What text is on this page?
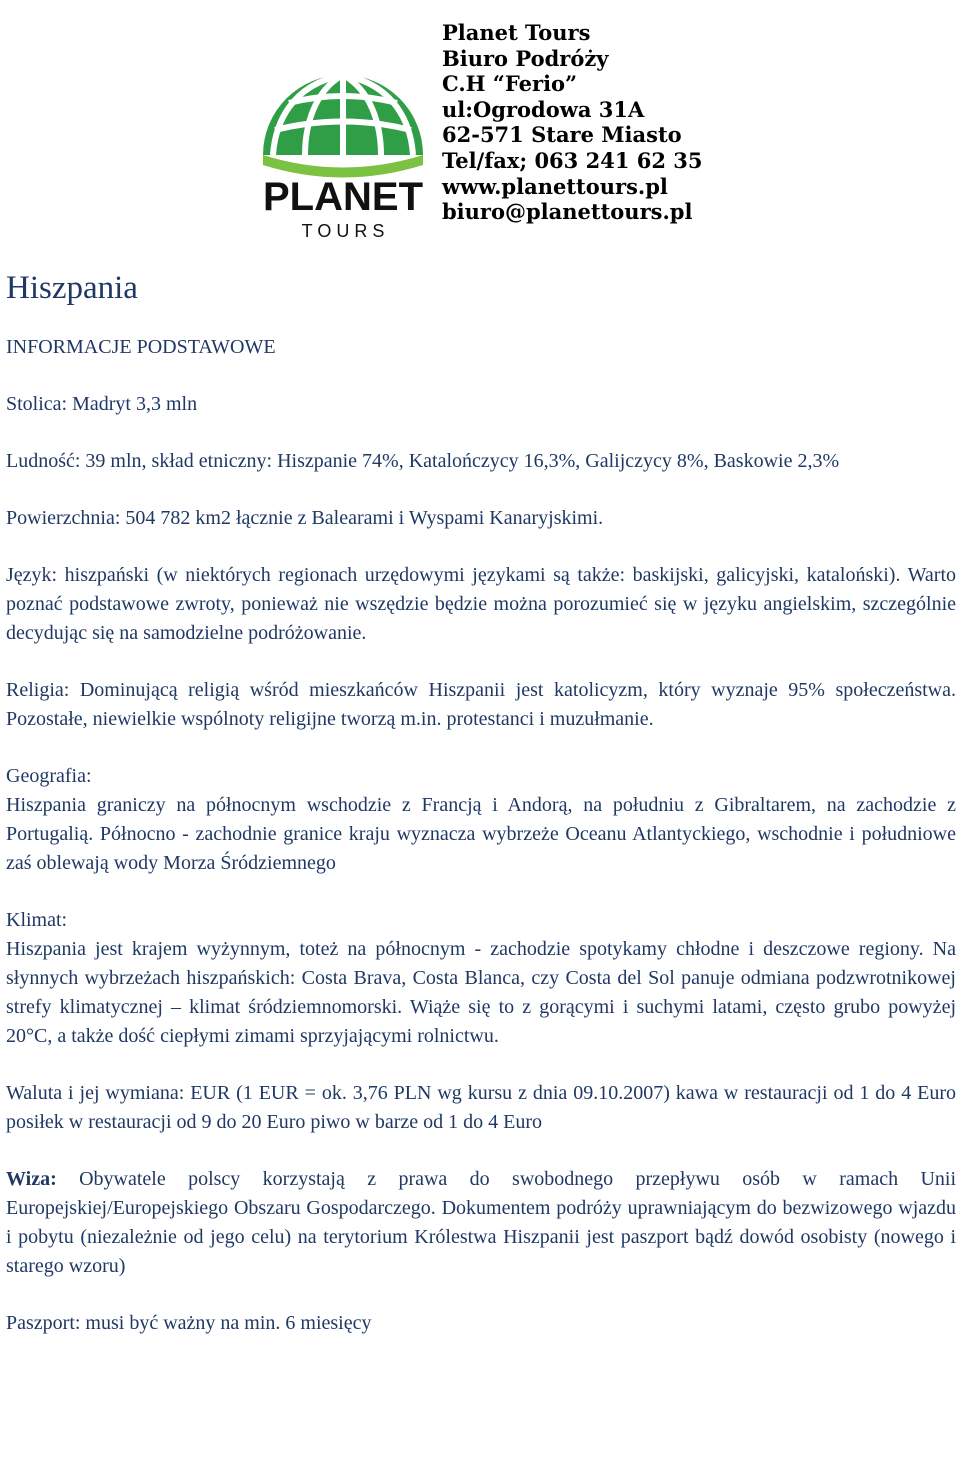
PLANET
T O U R S
Planet Tours
Biuro Podróży
C.H “Ferio”
ul:Ogrodowa 31A
62-571 Stare Miasto
Tel/fax; 063 241 62 35
www.planettours.pl
biuro@planettours.pl
Hiszpania

INFORMACJE PODSTAWOWE

Stolica: Madryt 3,3 mln

Ludność: 39 mln, skład etniczny: Hiszpanie 74%, Katalończycy 16,3%, Galijczycy 8%, Baskowie 2,3%

Powierzchnia: 504 782 km2 łącznie z Balearami i Wyspami Kanaryjskimi.

Język: hiszpański (w niektórych regionach urzędowymi językami są także: baskijski, galicyjski, kataloński). Warto poznać podstawowe zwroty, ponieważ nie wszędzie będzie można porozumieć się w języku angielskim, szczególnie decydując się na samodzielne podróżowanie.

Religia: Dominującą religią wśród mieszkańców Hiszpanii jest katolicyzm, który wyznaje 95% społeczeństwa. Pozostałe, niewielkie wspólnoty religijne tworzą m.in. protestanci i muzułmanie.

Geografia:

Hiszpania graniczy na północnym wschodzie z Francją i Andorą, na południu z Gibraltarem, na zachodzie z Portugalią. Północno - zachodnie granice kraju wyznacza wybrzeże Oceanu Atlantyckiego, wschodnie i południowe zaś oblewają wody Morza Śródziemnego

Klimat:

Hiszpania jest krajem wyżynnym, toteż na północnym - zachodzie spotykamy chłodne i deszczowe regiony. Na słynnych wybrzeżach hiszpańskich: Costa Brava, Costa Blanca, czy Costa del Sol panuje odmiana podzwrotnikowej strefy klimatycznej – klimat śródziemnomorski. Wiąże się to z gorącymi i suchymi latami, często grubo powyżej 20°C, a także dość ciepłymi zimami sprzyjającymi rolnictwu.

Waluta i jej wymiana: EUR (1 EUR = ok. 3,76 PLN wg kursu z dnia 09.10.2007) kawa w restauracji od 1 do 4 Euro posiłek w restauracji od 9 do 20 Euro piwo w barze od 1 do 4 Euro

Wiza: Obywatele polscy korzystają z prawa do swobodnego przepływu osób w ramach Unii Europejskiej/Europejskiego Obszaru Gospodarczego. Dokumentem podróży uprawniającym do bezwizowego wjazdu i pobytu (niezależnie od jego celu) na terytorium Królestwa Hiszpanii jest paszport bądź dowód osobisty (nowego i starego wzoru)

Paszport: musi być ważny na min. 6 miesięcy
